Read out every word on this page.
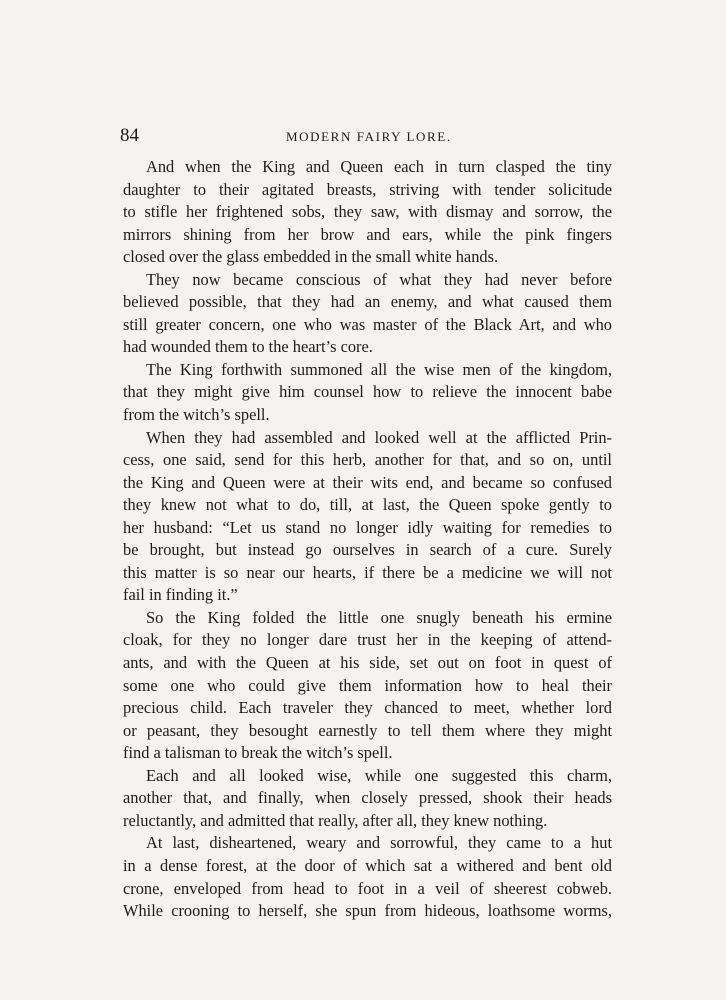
84	MODERN FAIRY LORE.
And when the King and Queen each in turn clasped the tiny
daughter to their agitated breasts, striving with tender solicitude
to stifle her frightened sobs, they saw, with dismay and sorrow, the
mirrors shining from her brow and ears, while the pink fingers
closed over the glass embedded in the small white hands.
They now became conscious of what they had never before
believed possible, that they had an enemy, and what caused them
still greater concern, one who was master of the Black Art, and who
had wounded them to the heart’s core.
The King forthwith summoned all the wise men of the kingdom,
that they might give him counsel how to relieve the innocent babe
from the witch’s spell.
When they had assembled and looked well at the afflicted Prin-
cess, one said, send for this herb, another for that, and so on, until
the King and Queen were at their wits end, and became so confused
they knew not what to do, till, at last, the Queen spoke gently to
her husband: “Let us stand no longer idly waiting for remedies to
be brought, but instead go ourselves in search of a cure. Surely
this matter is so near our hearts, if there be a medicine we will not
fail in finding it.”
So the King folded the little one snugly beneath his ermine
cloak, for they no longer dare trust her in the keeping of attend-
ants, and with the Queen at his side, set out on foot in quest of
some one who could give them information how to heal their
precious child. Each traveler they chanced to meet, whether lord
or peasant, they besought earnestly to tell them where they might
find a talisman to break the witch’s spell.
Each and all looked wise, while one suggested this charm,
another that, and finally, when closely pressed, shook their heads
reluctantly, and admitted that really, after all, they knew nothing.
At last, disheartened, weary and sorrowful, they came to a hut
in a dense forest, at the door of which sat a withered and bent old
crone, enveloped from head to foot in a veil of sheerest cobweb.
While crooning to herself, she spun from hideous, loathsome worms,
